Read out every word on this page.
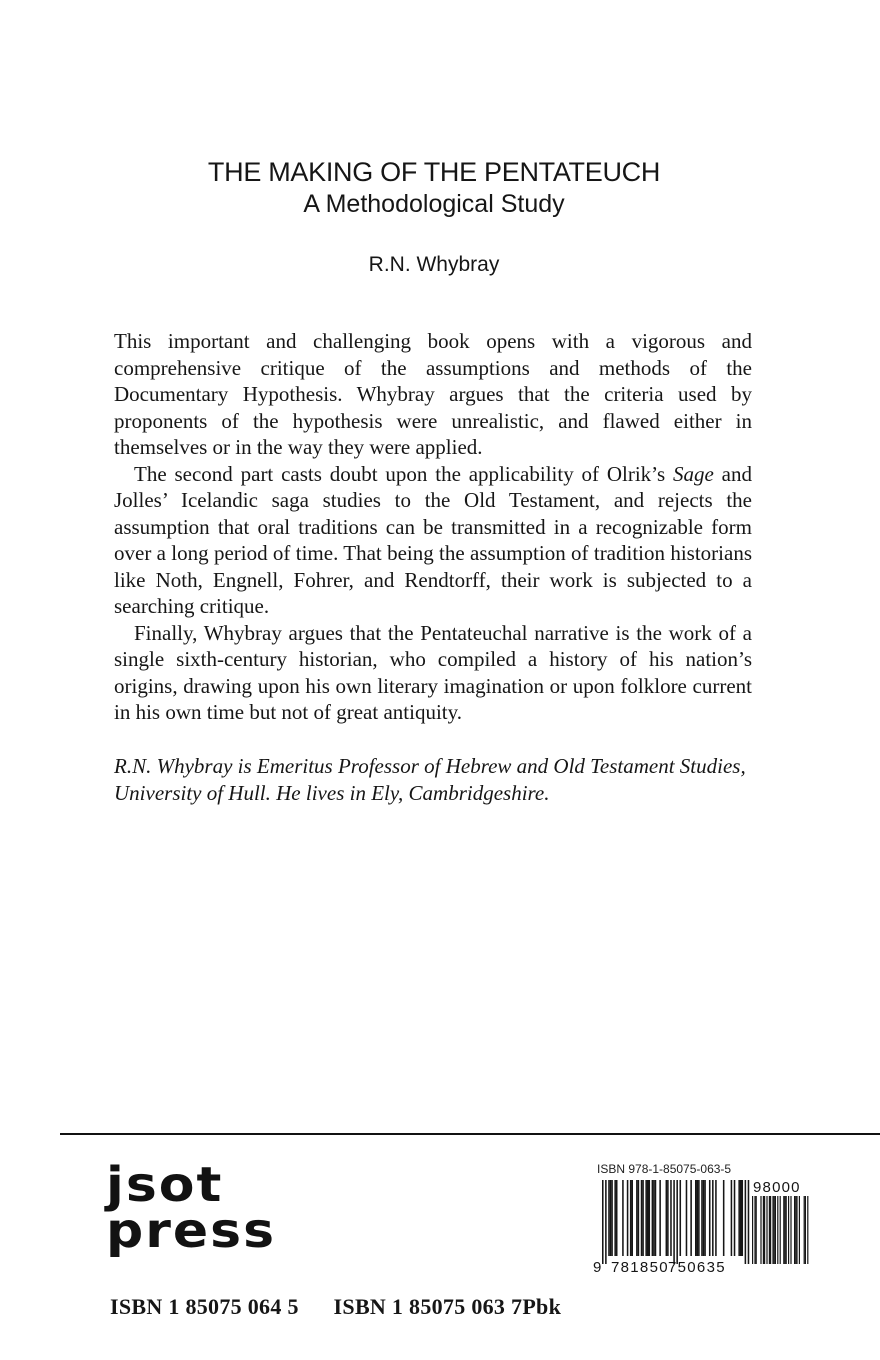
THE MAKING OF THE PENTATEUCH
A Methodological Study
R.N. Whybray

This important and challenging book opens with a vigorous and comprehensive critique of the assumptions and methods of the Documentary Hypothesis. Whybray argues that the criteria used by proponents of the hypothesis were unrealistic, and flawed either in themselves or in the way they were applied.

The second part casts doubt upon the applicability of Olrik’s Sage and Jolles’ Icelandic saga studies to the Old Testament, and rejects the assumption that oral traditions can be transmitted in a recognizable form over a long period of time. That being the assumption of tradition historians like Noth, Engnell, Fohrer, and Rendtorff, their work is subjected to a searching critique.

Finally, Whybray argues that the Pentateuchal narrative is the work of a single sixth-century historian, who compiled a history of his nation’s origins, drawing upon his own literary imagination or upon folklore current in his own time but not of great antiquity.

R.N. Whybray is Emeritus Professor of Hebrew and Old Testament Studies, University of Hull. He lives in Ely, Cambridgeshire.
jsot
press
ISBN 978-1-85075-063-5
9 781850 750635
98000
ISBN 1 85075 064 5      ISBN 1 85075 063 7Pbk
